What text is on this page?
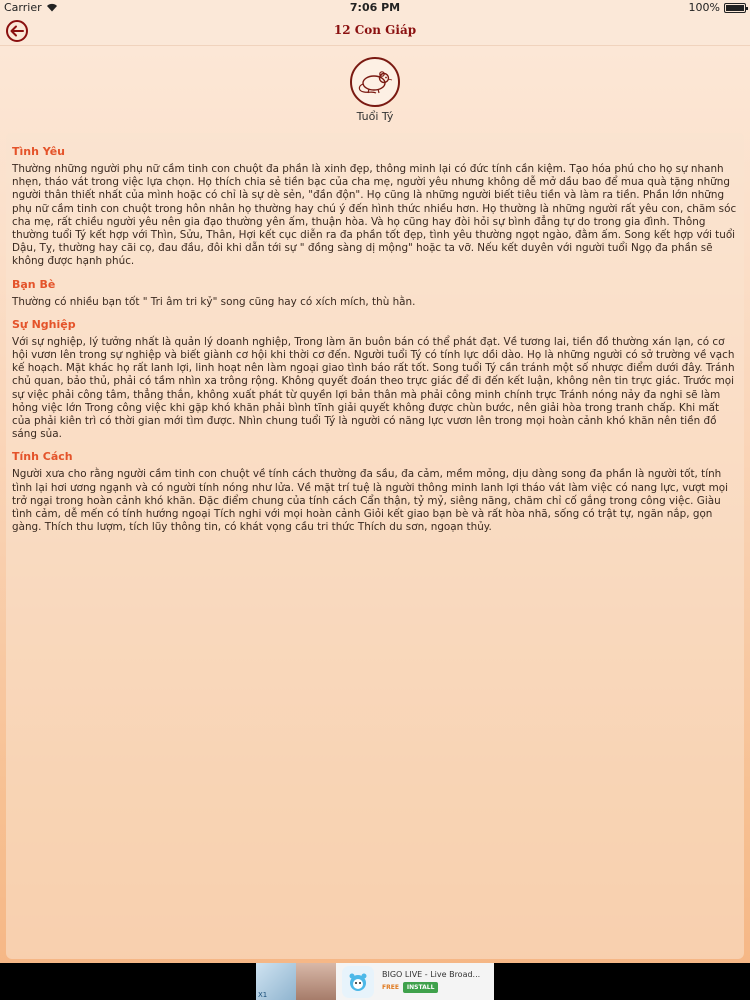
Carrier	7:06 PM	100%
12 Con Giáp
Tuổi Tý
Tình Yêu
Thường những người phụ nữ cầm tinh con chuột đa phần là xinh đẹp, thông minh lại có đức tính cần kiệm. Tạo hóa phú cho họ sự nhanh nhẹn, tháo vát trong việc lựa chọn. Họ thích chia sẻ tiền bạc của cha mẹ, người yêu nhưng không dễ mở dầu bao để mua quà tặng những người thân thiết nhất của mình hoặc có chỉ là sự dè sẻn, "đần độn". Họ cũng là những người biết tiêu tiền và làm ra tiền. Phần lớn những phụ nữ cầm tinh con chuột trong hôn nhân họ thường hay chú ý đến hình thức nhiều hơn. Họ thường là những người rất yêu con, chăm sóc cha mẹ, rất chiều người yêu nên gia đạo thường yên ấm, thuận hòa. Và họ cũng hay đòi hỏi sự bình đẳng tự do trong gia đình. Thông thường tuổi Tý kết hợp với Thìn, Sửu, Thân, Hợi kết cục diễn ra đa phần tốt đẹp, tình yêu thường ngọt ngào, đằm ấm. Song kết hợp với tuổi Dậu, Tỵ, thường hay cãi cọ, đau đầu, đôi khi dẫn tới sự " đồng sàng dị mộng" hoặc ta vỡ. Nếu kết duyên với người tuổi Ngọ đa phần sẽ không được hạnh phúc.
Bạn Bè
Thường có nhiều bạn tốt " Tri âm tri kỷ" song cũng hay có xích mích, thù hằn.
Sự Nghiệp
Với sự nghiệp, lý tưởng nhất là quản lý doanh nghiệp, Trong làm ăn buôn bán có thể phát đạt. Về tương lai, tiền đồ thường xán lạn, có cơ hội vươn lên trong sự nghiệp và biết giành cơ hội khi thời cơ đến. Người tuổi Tý có tính lực dồi dào. Họ là những người có sở trường về vạch kế hoạch. Mặt khác họ rất lanh lợi, linh hoạt nên làm ngoại giao tình báo rất tốt. Song tuổi Tý cần tránh một số nhược điểm dưới đây. Tránh chủ quan, bảo thủ, phải có tầm nhìn xa trông rộng. Không quyết đoán theo trực giác để đi đến kết luận, không nên tin trực giác. Trước mọi sự việc phải công tâm, thẳng thắn, không xuất phát từ quyền lợi bản thân mà phải công minh chính trực Tránh nóng nảy đa nghi sẽ làm hỏng việc lớn Trong công việc khi gặp khó khăn phải bình tĩnh giải quyết không được chùn bước, nên giải hòa trong tranh chấp. Khi mất của phải kiên trì có thời gian mới tìm được. Nhìn chung tuổi Tý là người có năng lực vươn lên trong mọi hoàn cảnh khó khăn nên tiền đồ sáng sủa.
Tính Cách
Người xưa cho rằng người cầm tinh con chuột về tính cách thường đa sầu, đa cảm, mềm mỏng, dịu dàng song đa phần là người tốt, tính tình lại hơi ương ngạnh và có người tính nóng như lửa. Về mặt trí tuệ là người thông minh lanh lợi tháo vát làm việc có nang lực, vượt mọi trở ngại trong hoàn cảnh khó khăn. Đặc điểm chung của tính cách Cẩn thận, tỷ mỷ, siêng năng, chăm chỉ cố gắng trong công việc. Giàu tình cảm, dễ mến có tính hướng ngoại Tích nghi với mọi hoàn cảnh Giỏi kết giao bạn bè và rất hòa nhã, sống có trật tự, ngăn nắp, gọn gàng. Thích thu lượm, tích lũy thông tin, có khát vọng cầu tri thức Thích du sơn, ngoạn thủy.
X1
BIGO LIVE - Live Broad...
FREE	INSTALL
